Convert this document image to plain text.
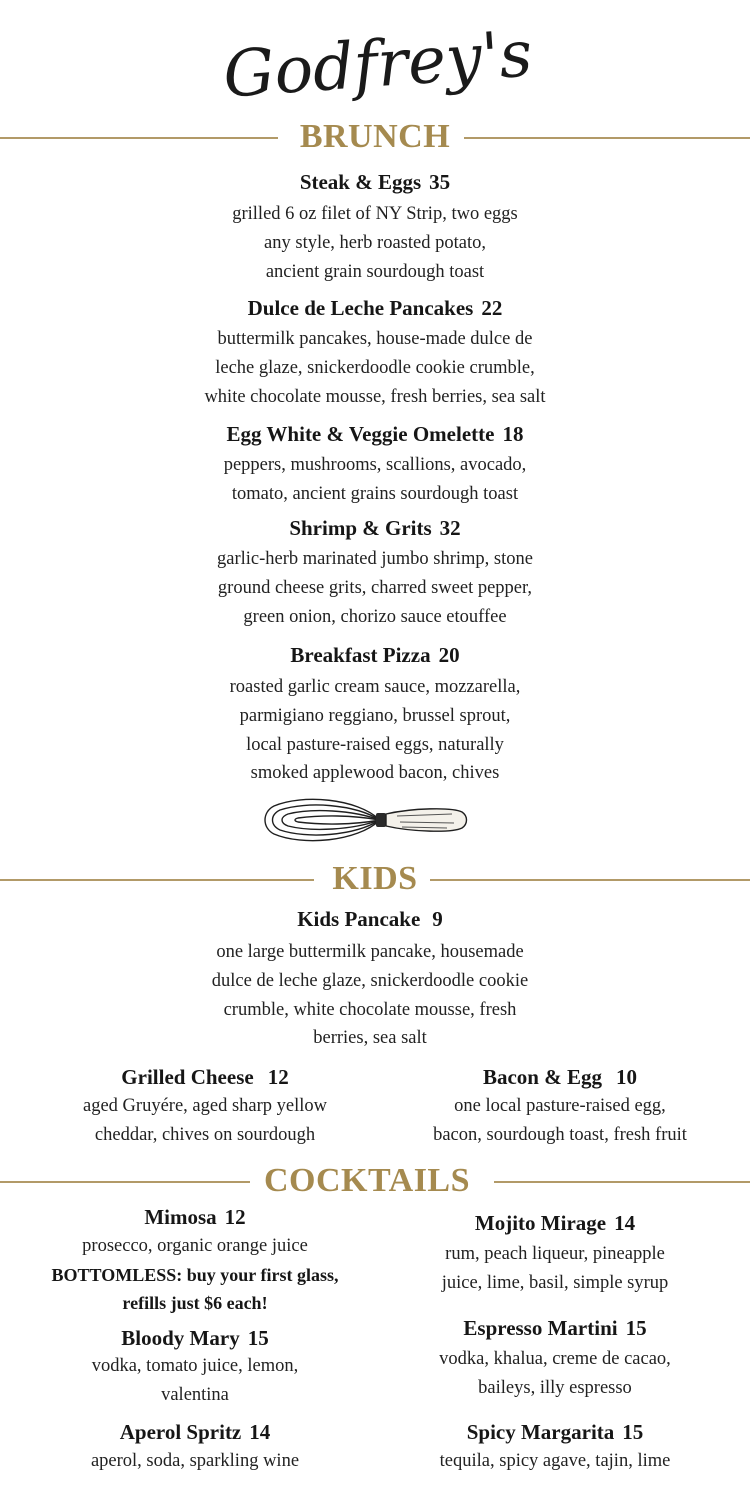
Godfrey's
BRUNCH
Steak & Eggs 35
grilled 6 oz filet of NY Strip, two eggs
any style, herb roasted potato,
ancient grain sourdough toast
Dulce de Leche Pancakes 22
buttermilk pancakes, house-made dulce de
leche glaze, snickerdoodle cookie crumble,
white chocolate mousse, fresh berries, sea salt
Egg White & Veggie Omelette 18
peppers, mushrooms, scallions, avocado,
tomato, ancient grains sourdough toast
Shrimp & Grits 32
garlic-herb marinated jumbo shrimp, stone
ground cheese grits, charred sweet pepper,
green onion, chorizo sauce etouffee
Breakfast Pizza 20
roasted garlic cream sauce, mozzarella,
parmigiano reggiano, brussel sprout,
local pasture-raised eggs, naturally
smoked applewood bacon, chives
KIDS
Kids Pancake 9
one large buttermilk pancake, housemade
dulce de leche glaze, snickerdoodle cookie
crumble, white chocolate mousse, fresh
berries, sea salt
Grilled Cheese 12
aged Gruyére, aged sharp yellow
cheddar, chives on sourdough
Bacon & Egg 10
one local pasture-raised egg,
bacon, sourdough toast, fresh fruit
COCKTAILS
Mimosa 12
prosecco, organic orange juice
BOTTOMLESS: buy your first glass,
refills just $6 each!
Bloody Mary 15
vodka, tomato juice, lemon,
valentina
Aperol Spritz 14
aperol, soda, sparkling wine
Mojito Mirage 14
rum, peach liqueur, pineapple
juice, lime, basil, simple syrup
Espresso Martini 15
vodka, khalua, creme de cacao,
baileys, illy espresso
Spicy Margarita 15
tequila, spicy agave, tajin, lime
